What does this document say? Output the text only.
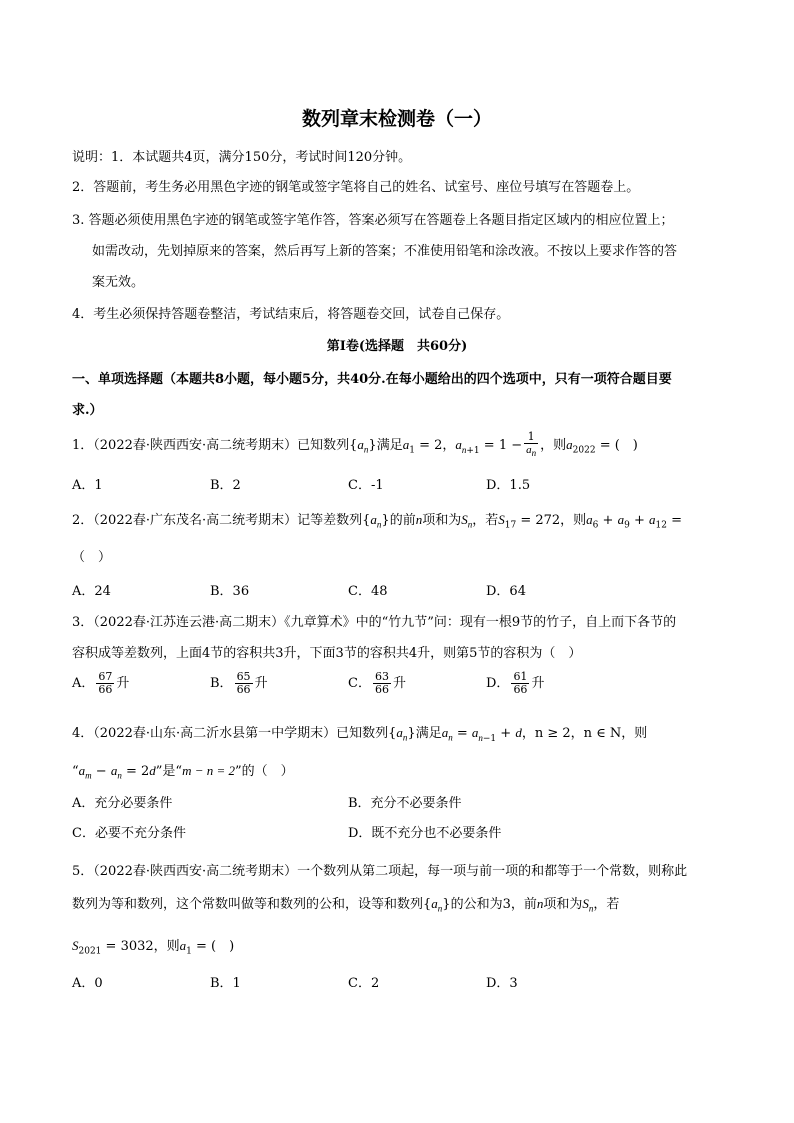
数列章末检测卷（一）
说明：1．本试题共4页，满分150分，考试时间120分钟。
2．答题前，考生务必用黑色字迹的钢笔或签字笔将自己的姓名、试室号、座位号填写在答题卷上。
3. 答题必须使用黑色字迹的钢笔或签字笔作答，答案必须写在答题卷上各题目指定区域内的相应位置上；
如需改动，先划掉原来的答案，然后再写上新的答案；不准使用铅笔和涂改液。不按以上要求作答的答
案无效。
4．考生必须保持答题卷整洁，考试结束后，将答题卷交回，试卷自己保存。
第I卷(选择题　共60分)
一、单项选择题（本题共8小题，每小题5分，共40分.在每小题给出的四个选项中，只有一项符合题目要
求.）
1．（2022春·陕西西安·高二统考期末）已知数列$\{a_n\}$满足$a_1 = 2$，$a_{n+1} = 1 - \frac{1}{a_n}$ ，则$a_{2022}$ = (　)
A．1	B．2	C．-1	D．1.5
2．（2022春·广东茂名·高二统考期末）记等差数列$\{a_n\}$的前n项和为$S_n$，若$S_{17} = 272$，则$a_6 + a_9 + a_{12}$ =
（　）
A．24	B．36	C．48	D．64
3．（2022春·江苏连云港·高二期末）《九章算术》中的“竹九节”问：现有一根9节的竹子，自上而下各节的
容积成等差数列，上面4节的容积共3升，下面3节的容积共4升，则第5节的容积为（　）
A． $\frac{67}{66}$ 升	B． $\frac{65}{66}$ 升	C． $\frac{63}{66}$ 升	D． $\frac{61}{66}$ 升
4．（2022春·山东·高二沂水县第一中学期末）已知数列$\{a_n\}$满足$a_n = a_{n-1} + d$，n ≥ 2，n ∈ N，则
“$a_m - a_n = 2d$”是“m − n = 2”的（　）
A．充分必要条件	B．充分不必要条件
C．必要不充分条件	D．既不充分也不必要条件
5．（2022春·陕西西安·高二统考期末）一个数列从第二项起，每一项与前一项的和都等于一个常数，则称此
数列为等和数列，这个常数叫做等和数列的公和，设等和数列$\{a_n\}$的公和为3，前n项和为$S_n$，若
$S_{2021} = 3032$，则$a_1$ = (　)
A．0	B．1	C．2	D．3
